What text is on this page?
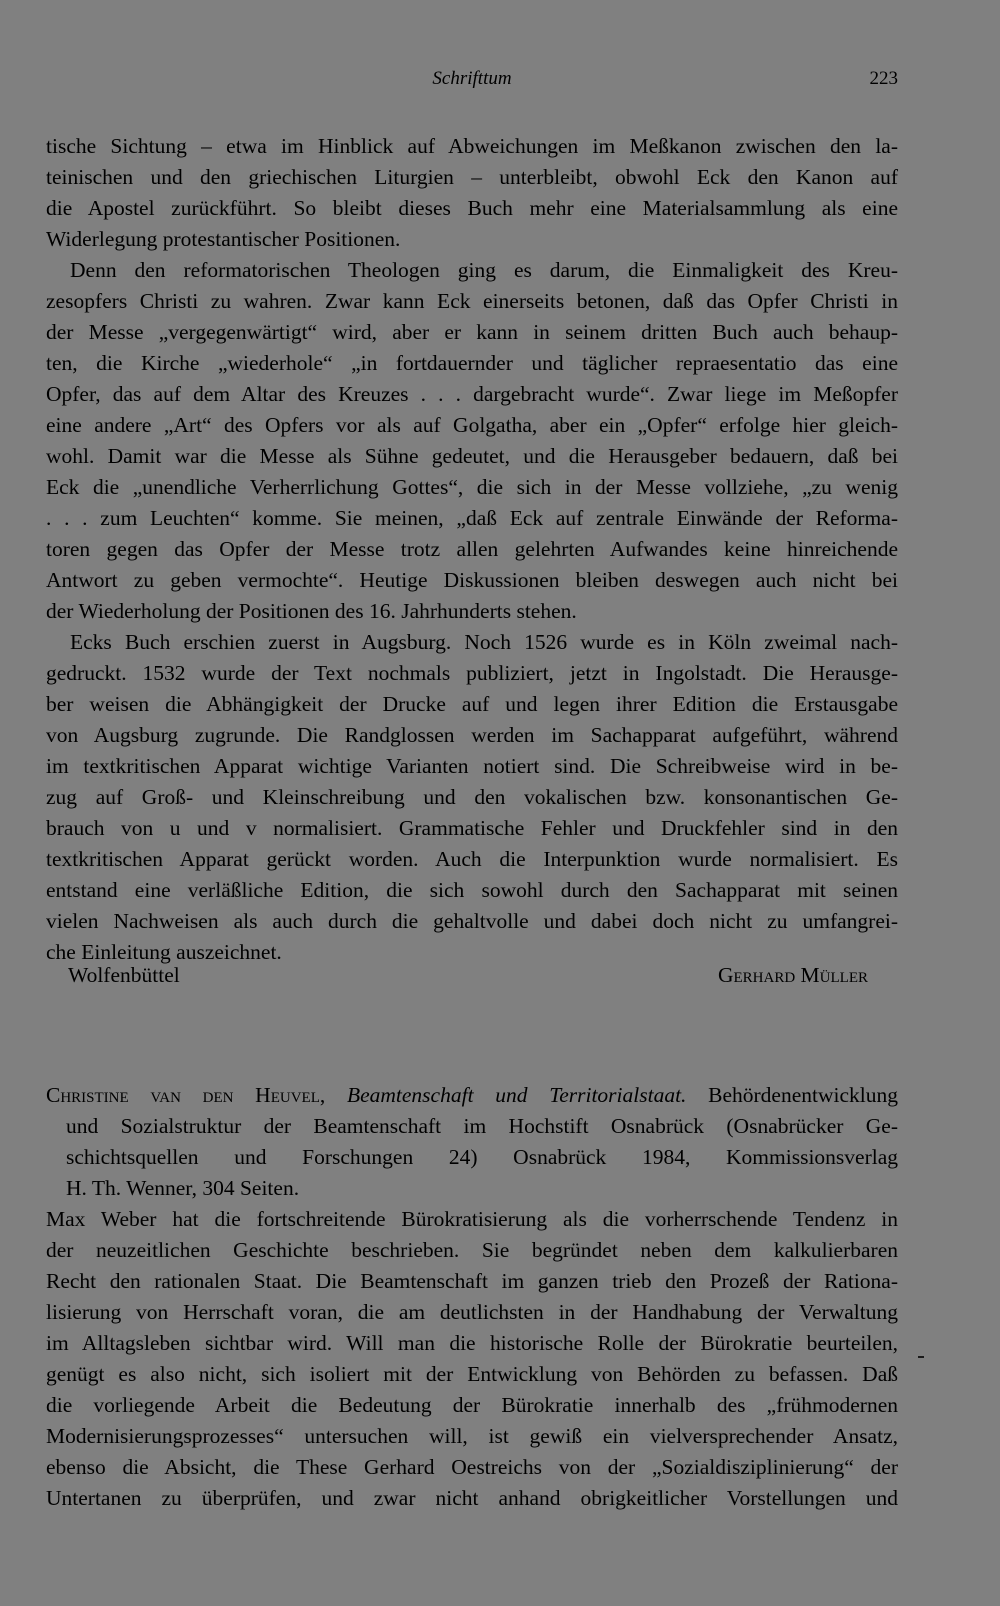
Schrifttum	223
tische Sichtung – etwa im Hinblick auf Abweichungen im Meßkanon zwischen den la-
teinischen und den griechischen Liturgien – unterbleibt, obwohl Eck den Kanon auf
die Apostel zurückführt. So bleibt dieses Buch mehr eine Materialsammlung als eine
Widerlegung protestantischer Positionen.
Denn den reformatorischen Theologen ging es darum, die Einmaligkeit des Kreu-
zesopfers Christi zu wahren. Zwar kann Eck einerseits betonen, daß das Opfer Christi in
der Messe „vergegenwärtigt“ wird, aber er kann in seinem dritten Buch auch behaup-
ten, die Kirche „wiederhole“ „in fortdauernder und täglicher repraesentatio das eine
Opfer, das auf dem Altar des Kreuzes . . . dargebracht wurde“. Zwar liege im Meßopfer
eine andere „Art“ des Opfers vor als auf Golgatha, aber ein „Opfer“ erfolge hier gleich-
wohl. Damit war die Messe als Sühne gedeutet, und die Herausgeber bedauern, daß bei
Eck die „unendliche Verherrlichung Gottes“, die sich in der Messe vollziehe, „zu wenig
. . . zum Leuchten“ komme. Sie meinen, „daß Eck auf zentrale Einwände der Reforma-
toren gegen das Opfer der Messe trotz allen gelehrten Aufwandes keine hinreichende
Antwort zu geben vermochte“. Heutige Diskussionen bleiben deswegen auch nicht bei
der Wiederholung der Positionen des 16. Jahrhunderts stehen.
Ecks Buch erschien zuerst in Augsburg. Noch 1526 wurde es in Köln zweimal nach-
gedruckt. 1532 wurde der Text nochmals publiziert, jetzt in Ingolstadt. Die Herausge-
ber weisen die Abhängigkeit der Drucke auf und legen ihrer Edition die Erstausgabe
von Augsburg zugrunde. Die Randglossen werden im Sachapparat aufgeführt, während
im textkritischen Apparat wichtige Varianten notiert sind. Die Schreibweise wird in be-
zug auf Groß- und Kleinschreibung und den vokalischen bzw. konsonantischen Ge-
brauch von u und v normalisiert. Grammatische Fehler und Druckfehler sind in den
textkritischen Apparat gerückt worden. Auch die Interpunktion wurde normalisiert. Es
entstand eine verläßliche Edition, die sich sowohl durch den Sachapparat mit seinen
vielen Nachweisen als auch durch die gehaltvolle und dabei doch nicht zu umfangrei-
che Einleitung auszeichnet.
Wolfenbüttel	Gerhard Müller
Christine van den Heuvel, Beamtenschaft und Territorialstaat. Behördenentwicklung
und Sozialstruktur der Beamtenschaft im Hochstift Osnabrück (Osnabrücker Ge-
schichtsquellen und Forschungen 24) Osnabrück 1984, Kommissionsverlag
H. Th. Wenner, 304 Seiten.
Max Weber hat die fortschreitende Bürokratisierung als die vorherrschende Tendenz in
der neuzeitlichen Geschichte beschrieben. Sie begründet neben dem kalkulierbaren
Recht den rationalen Staat. Die Beamtenschaft im ganzen trieb den Prozeß der Rationa-
lisierung von Herrschaft voran, die am deutlichsten in der Handhabung der Verwaltung
im Alltagsleben sichtbar wird. Will man die historische Rolle der Bürokratie beurteilen,
genügt es also nicht, sich isoliert mit der Entwicklung von Behörden zu befassen. Daß
die vorliegende Arbeit die Bedeutung der Bürokratie innerhalb des „frühmodernen
Modernisierungsprozesses“ untersuchen will, ist gewiß ein vielversprechender Ansatz,
ebenso die Absicht, die These Gerhard Oestreichs von der „Sozialdisziplinierung“ der
Untertanen zu überprüfen, und zwar nicht anhand obrigkeitlicher Vorstellungen und
